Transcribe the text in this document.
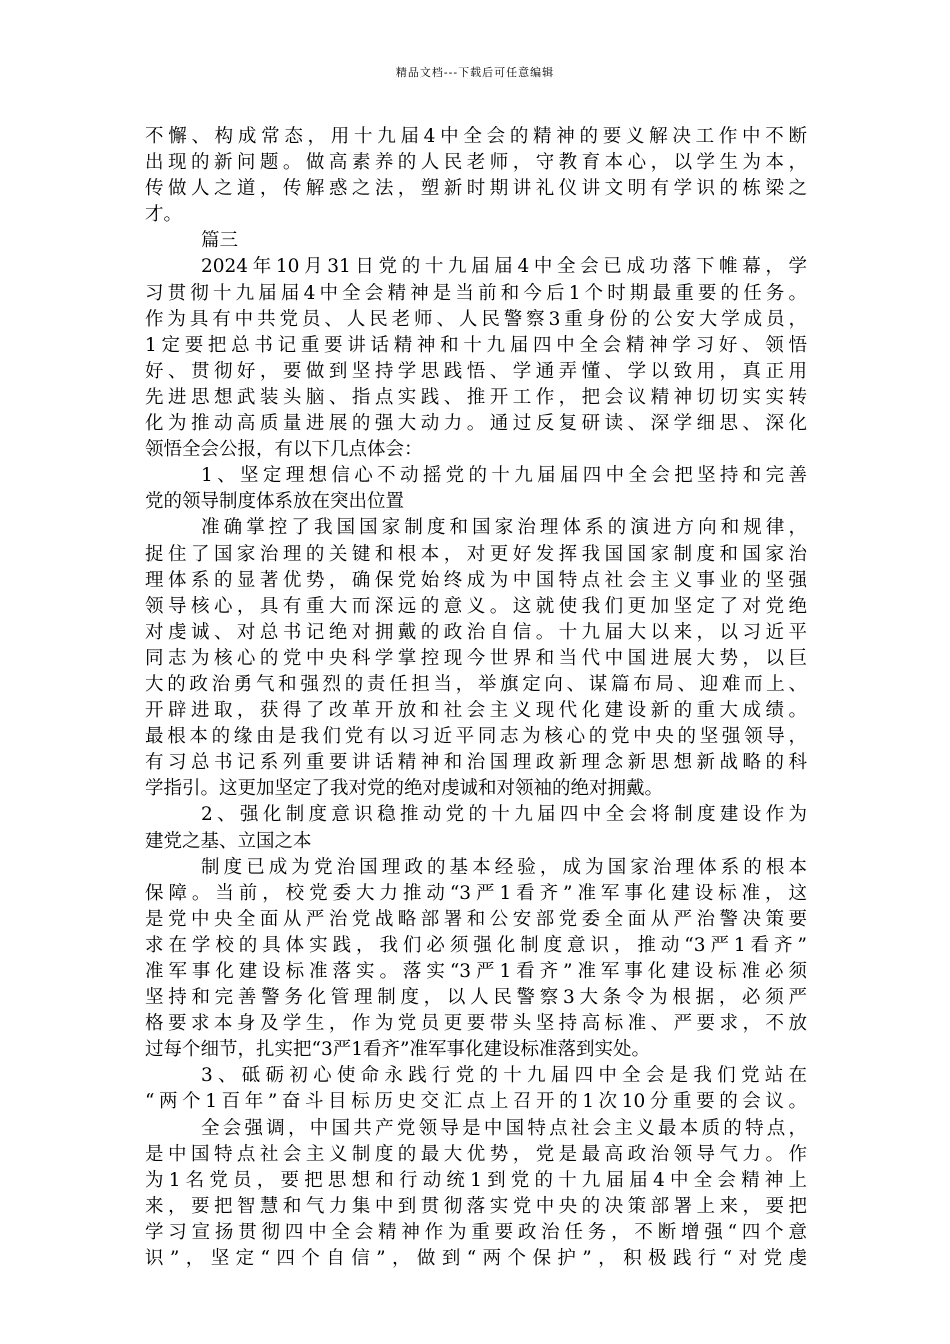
精品文档---下载后可任意编辑
不懈、构成常态，用十九届4中全会的精神的要义解决工作中不断
出现的新问题。做高素养的人民老师，守教育本心，以学生为本，
传做人之道，传解惑之法，塑新时期讲礼仪讲文明有学识的栋梁之
才。
篇三
2024年10月31日党的十九届届4中全会已成功落下帷幕，学
习贯彻十九届届4中全会精神是当前和今后1个时期最重要的任务。
作为具有中共党员、人民老师、人民警察3重身份的公安大学成员，
1定要把总书记重要讲话精神和十九届四中全会精神学习好、领悟
好、贯彻好，要做到坚持学思践悟、学通弄懂、学以致用，真正用
先进思想武装头脑、指点实践、推开工作，把会议精神切切实实转
化为推动高质量进展的强大动力。通过反复研读、深学细思、深化
领悟全会公报，有以下几点体会：
1、坚定理想信心不动摇党的十九届届四中全会把坚持和完善
党的领导制度体系放在突出位置
准确掌控了我国国家制度和国家治理体系的演进方向和规律，
捉住了国家治理的关键和根本，对更好发挥我国国家制度和国家治
理体系的显著优势，确保党始终成为中国特点社会主义事业的坚强
领导核心，具有重大而深远的意义。这就使我们更加坚定了对党绝
对虔诚、对总书记绝对拥戴的政治自信。十九届大以来，以习近平
同志为核心的党中央科学掌控现今世界和当代中国进展大势，以巨
大的政治勇气和强烈的责任担当，举旗定向、谋篇布局、迎难而上、
开辟进取，获得了改革开放和社会主义现代化建设新的重大成绩。
最根本的缘由是我们党有以习近平同志为核心的党中央的坚强领导，
有习总书记系列重要讲话精神和治国理政新理念新思想新战略的科
学指引。这更加坚定了我对党的绝对虔诚和对领袖的绝对拥戴。
2、强化制度意识稳推动党的十九届四中全会将制度建设作为
建党之基、立国之本
制度已成为党治国理政的基本经验，成为国家治理体系的根本
保障。当前，校党委大力推动“3严1看齐”准军事化建设标准，这
是党中央全面从严治党战略部署和公安部党委全面从严治警决策要
求在学校的具体实践，我们必须强化制度意识，推动“3严1看齐”
准军事化建设标准落实。落实“3严1看齐”准军事化建设标准必须
坚持和完善警务化管理制度，以人民警察3大条令为根据，必须严
格要求本身及学生，作为党员更要带头坚持高标准、严要求，不放
过每个细节，扎实把“3严1看齐”准军事化建设标准落到实处。
3、砥砺初心使命永践行党的十九届四中全会是我们党站在
“两个1百年”奋斗目标历史交汇点上召开的1次10分重要的会议。
全会强调，中国共产党领导是中国特点社会主义最本质的特点，
是中国特点社会主义制度的最大优势，党是最高政治领导气力。作
为1名党员，要把思想和行动统1到党的十九届届4中全会精神上
来，要把智慧和气力集中到贯彻落实党中央的决策部署上来，要把
学习宣扬贯彻四中全会精神作为重要政治任务，不断增强“四个意
识”，坚定“四个自信”，做到“两个保护”，积极践行“对党虔
